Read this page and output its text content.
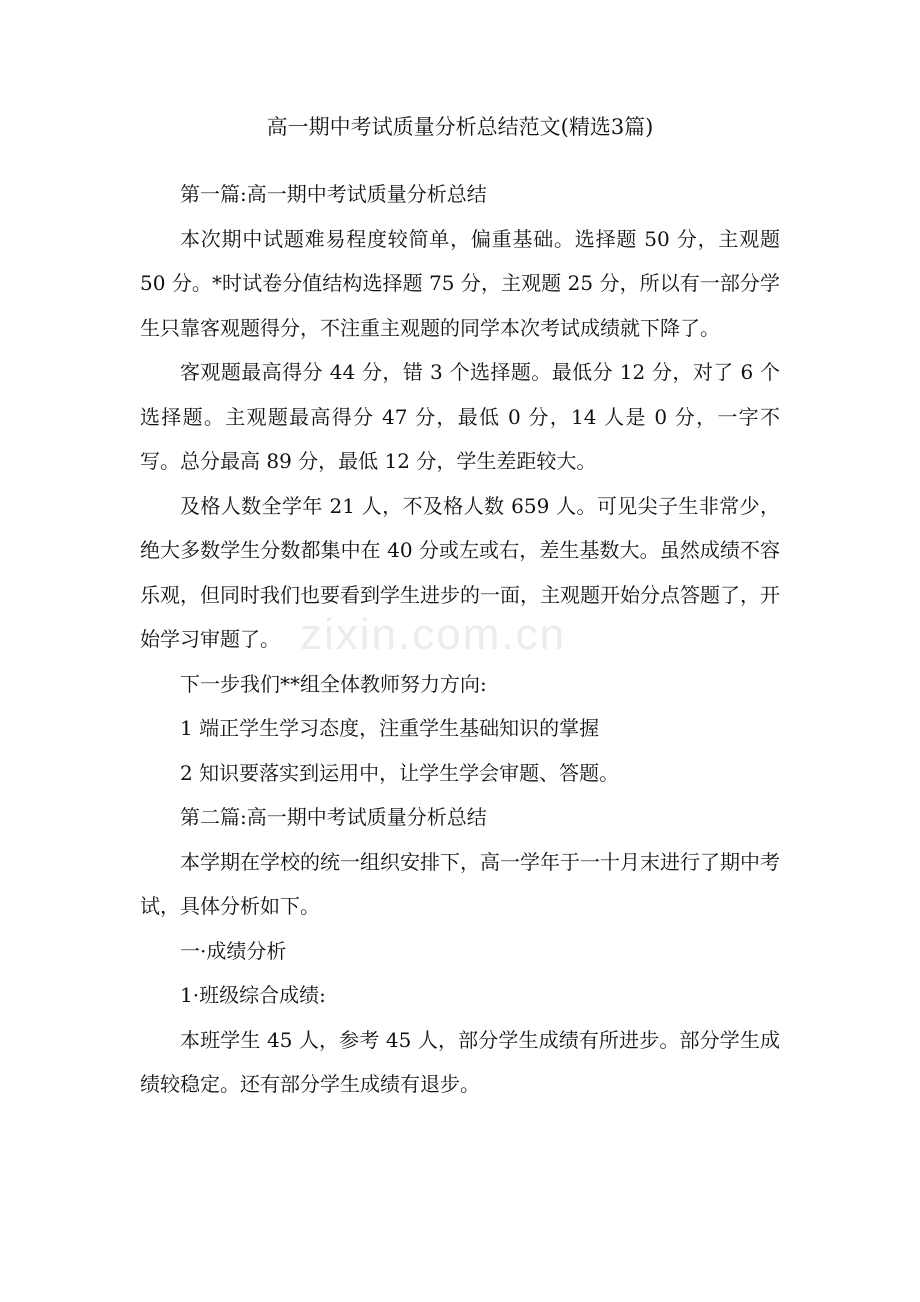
zixin.com.cn
高一期中考试质量分析总结范文(精选3篇)

第一篇:高一期中考试质量分析总结

本次期中试题难易程度较简单，偏重基础。选择题 50 分，主观题 50 分。*时试卷分值结构选择题 75 分，主观题 25 分，所以有一部分学生只靠客观题得分，不注重主观题的同学本次考试成绩就下降了。

客观题最高得分 44 分，错 3 个选择题。最低分 12 分，对了 6 个选择题。主观题最高得分 47 分，最低 0 分，14 人是 0 分，一字不写。总分最高 89 分，最低 12 分，学生差距较大。

及格人数全学年 21 人，不及格人数 659 人。可见尖子生非常少，绝大多数学生分数都集中在 40 分或左或右，差生基数大。虽然成绩不容乐观，但同时我们也要看到学生进步的一面，主观题开始分点答题了，开始学习审题了。

下一步我们**组全体教师努力方向:

1 端正学生学习态度，注重学生基础知识的掌握

2 知识要落实到运用中，让学生学会审题、答题。

第二篇:高一期中考试质量分析总结

本学期在学校的统一组织安排下，高一学年于一十月末进行了期中考试，具体分析如下。

一·成绩分析

1·班级综合成绩:

本班学生 45 人，参考 45 人，部分学生成绩有所进步。部分学生成绩较稳定。还有部分学生成绩有退步。
